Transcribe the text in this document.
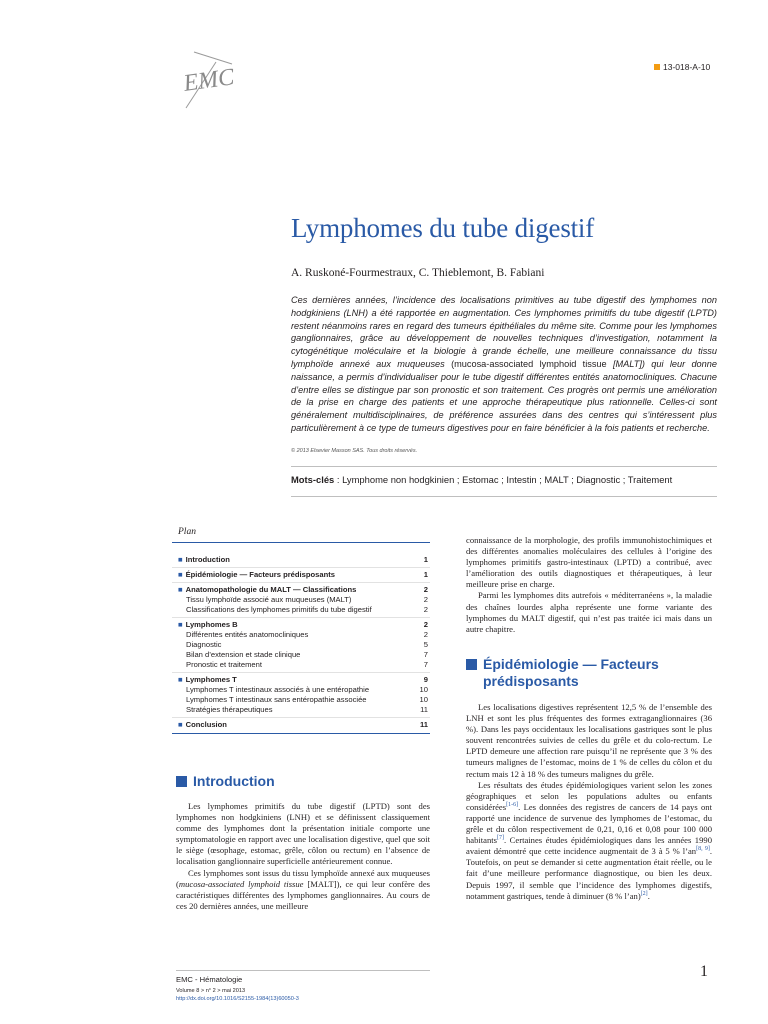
EMC	13-018-A-10
Lymphomes du tube digestif
A. Ruskoné-Fourmestraux, C. Thieblemont, B. Fabiani
Ces dernières années, l’incidence des localisations primitives au tube digestif des lymphomes non hodgkiniens (LNH) a été rapportée en augmentation. Ces lymphomes primitifs du tube digestif (LPTD) restent néanmoins rares en regard des tumeurs épithéliales du même site. Comme pour les lymphomes ganglionnaires, grâce au développement de nouvelles techniques d’investigation, notamment la cytogénétique moléculaire et la biologie à grande échelle, une meilleure connaissance du tissu lymphoïde annexé aux muqueuses (mucosa-associated lymphoid tissue [MALT]) qui leur donne naissance, a permis d’individualiser pour le tube digestif différentes entités anatomocliniques. Chacune d’entre elles se distingue par son pronostic et son traitement. Ces progrès ont permis une amélioration de la prise en charge des patients et une approche thérapeutique plus rationnelle. Celles-ci sont généralement multidisciplinaires, de préférence assurées dans des centres qui s’intéressent plus particulièrement à ce type de tumeurs digestives pour en faire bénéficier à la fois patients et recherche.
© 2013 Elsevier Masson SAS. Tous droits réservés.
Mots-clés : Lymphome non hodgkinien ; Estomac ; Intestin ; MALT ; Diagnostic ; Traitement
Plan
■ Introduction	1
■ Épidémiologie — Facteurs prédisposants	1
■ Anatomopathologie du MALT — Classifications	2
Tissu lymphoïde associé aux muqueuses (MALT)	2
Classifications des lymphomes primitifs du tube digestif	2
■ Lymphomes B	2
Différentes entités anatomocliniques	2
Diagnostic	5
Bilan d’extension et stade clinique	7
Pronostic et traitement	7
■ Lymphomes T	9
Lymphomes T intestinaux associés à une entéropathie	10
Lymphomes T intestinaux sans entéropathie associée	10
Stratégies thérapeutiques	11
■ Conclusion	11
Introduction

Les lymphomes primitifs du tube digestif (LPTD) sont des lymphomes non hodgkiniens (LNH) et se définissent classiquement comme des lymphomes dont la présentation initiale comporte une symptomatologie en rapport avec une localisation digestive, quel que soit le siège (œsophage, estomac, grêle, côlon ou rectum) en l’absence de localisation ganglionnaire superficielle antérieurement connue.

Ces lymphomes sont issus du tissu lymphoïde annexé aux muqueuses (mucosa-associated lymphoid tissue [MALT]), ce qui leur confère des caractéristiques différentes des lymphomes ganglionnaires. Au cours de ces 20 dernières années, une meilleure

connaissance de la morphologie, des profils immunohistochimiques et des différentes anomalies moléculaires des cellules à l’origine des lymphomes primitifs gastro-intestinaux (LPTD) a contribué, avec l’amélioration des outils diagnostiques et thérapeutiques, à leur meilleure prise en charge.

Parmi les lymphomes dits autrefois « méditerranéens », la maladie des chaînes lourdes alpha représente une forme variante des lymphomes du MALT digestif, qui n’est pas traitée ici mais dans un autre chapitre.

Épidémiologie — Facteurs prédisposants

Les localisations digestives représentent 12,5 % de l’ensemble des LNH et sont les plus fréquentes des formes extraganglionnaires (36 %). Dans les pays occidentaux les localisations gastriques sont le plus souvent rencontrées suivies de celles du grêle et du colo-rectum. Le LPTD demeure une affection rare puisqu’il ne représente que 3 % des tumeurs malignes de l’estomac, moins de 1 % de celles du côlon et du rectum mais 12 à 18 % des tumeurs malignes du grêle.

Les résultats des études épidémiologiques varient selon les zones géographiques et selon les populations adultes ou enfants considérées[1-6]. Les données des registres de cancers de 14 pays ont rapporté une incidence de survenue des lymphomes de l’estomac, du grêle et du côlon respectivement de 0,21, 0,16 et 0,08 pour 100 000 habitants[7]. Certaines études épidémiologiques dans les années 1990 avaient démontré que cette incidence augmentait de 3 à 5 % l’an[8, 9]. Toutefois, on peut se demander si cette augmentation était réelle, ou le fait d’une meilleure performance diagnostique, ou bien les deux. Depuis 1997, il semble que l’incidence des lymphomes digestifs, notamment gastriques, tende à diminuer (8 % l’an)[2].

EMC - Hématologie
Volume 8 > n° 2 > mai 2013
http://dx.doi.org/10.1016/S2155-1984(13)60050-3
1
